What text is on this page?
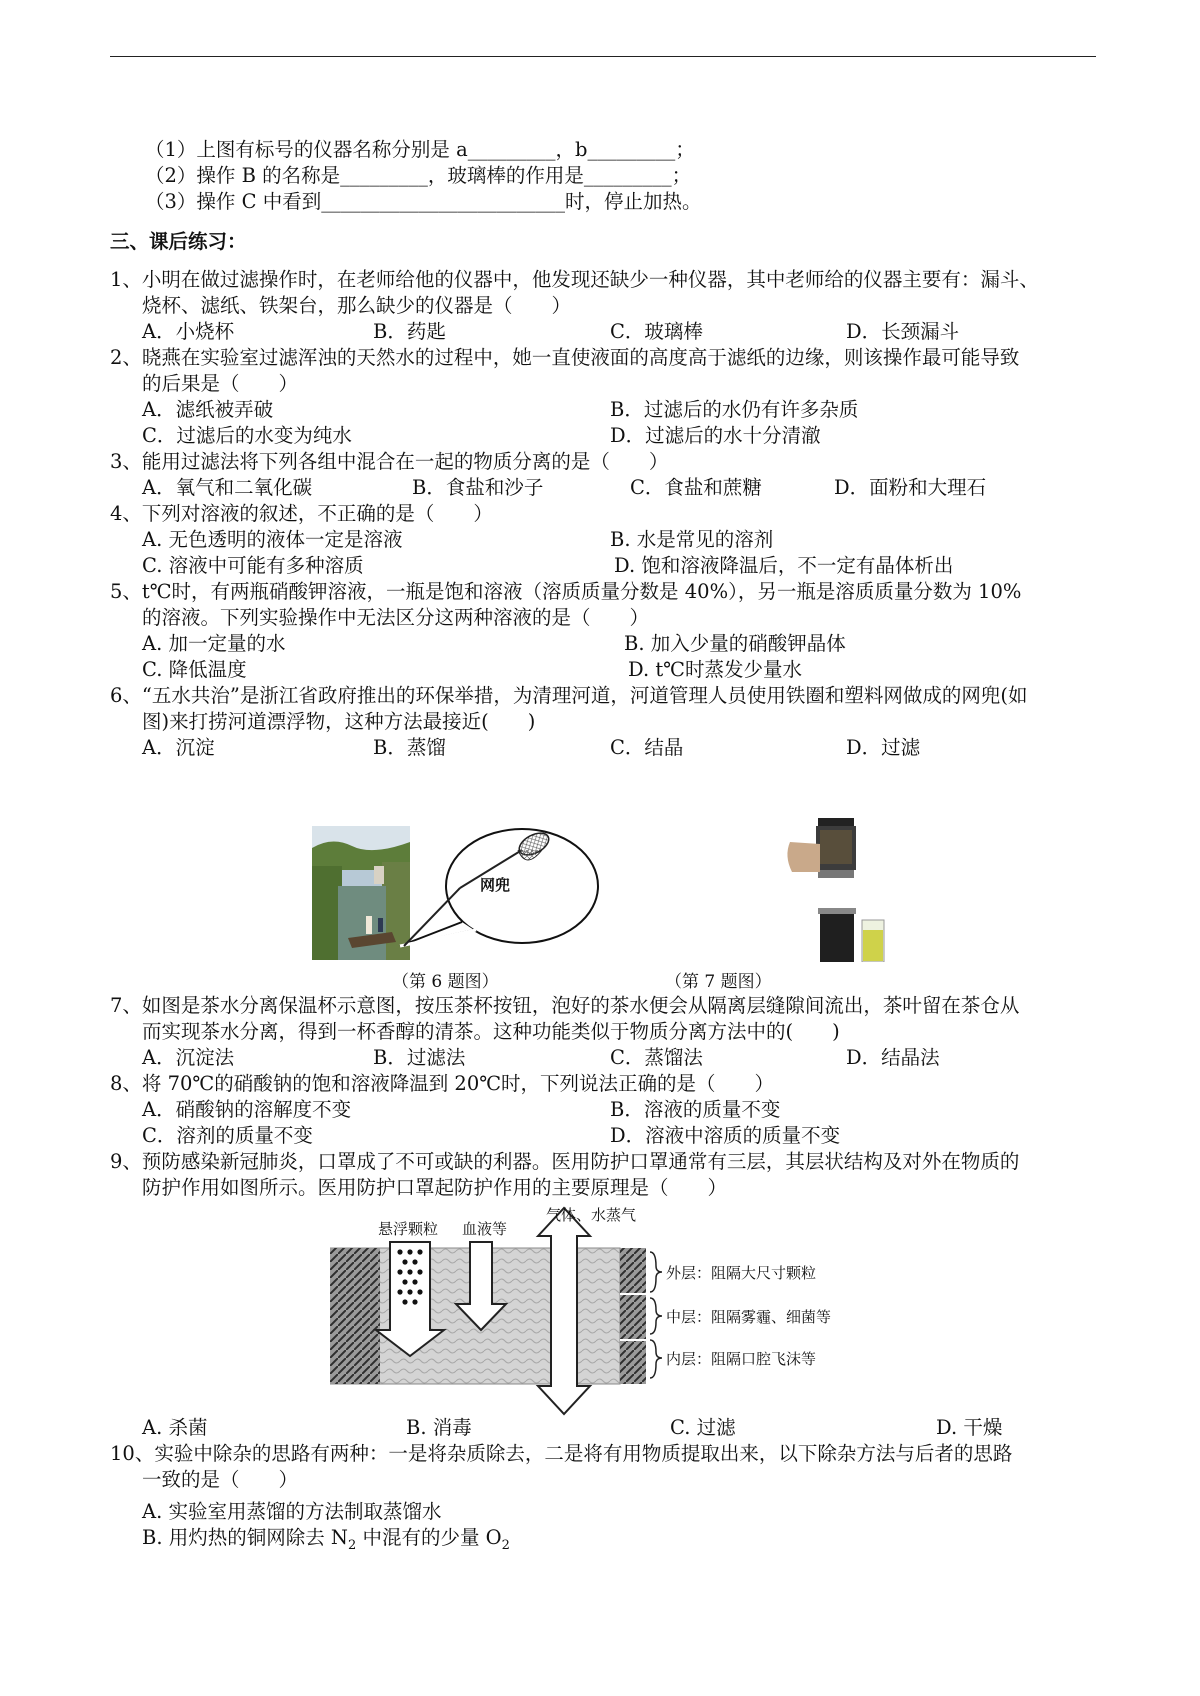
（1）上图有标号的仪器名称分别是 a_________，b_________；
（2）操作 B 的名称是_________，玻璃棒的作用是_________；
（3）操作 C 中看到_________________________时，停止加热。
三、课后练习：
1、小明在做过滤操作时，在老师给他的仪器中，他发现还缺少一种仪器，其中老师给的仪器主要有：漏斗、
烧杯、滤纸、铁架台，那么缺少的仪器是（　　）
A．小烧杯	B．药匙	C．玻璃棒	D．长颈漏斗
2、晓燕在实验室过滤浑浊的天然水的过程中，她一直使液面的高度高于滤纸的边缘，则该操作最可能导致
的后果是（　　）
A．滤纸被弄破	B．过滤后的水仍有许多杂质
C．过滤后的水变为纯水	D．过滤后的水十分清澈
3、能用过滤法将下列各组中混合在一起的物质分离的是（　　）
A．氧气和二氧化碳	B．食盐和沙子	C．食盐和蔗糖	D．面粉和大理石
4、下列对溶液的叙述，不正确的是（　　）
A. 无色透明的液体一定是溶液	B. 水是常见的溶剂
C. 溶液中可能有多种溶质	D. 饱和溶液降温后，不一定有晶体析出
5、t℃时，有两瓶硝酸钾溶液，一瓶是饱和溶液（溶质质量分数是 40%），另一瓶是溶质质量分数为 10%
的溶液。下列实验操作中无法区分这两种溶液的是（　　）
A. 加一定量的水	B. 加入少量的硝酸钾晶体
C. 降低温度	D. t℃时蒸发少量水
6、“五水共治”是浙江省政府推出的环保举措，为清理河道，河道管理人员使用铁圈和塑料网做成的网兜(如
图)来打捞河道漂浮物，这种方法最接近(　　)
A．沉淀	B．蒸馏	C．结晶	D．过滤
网兜
（第 6 题图）	（第 7 题图）
7、如图是茶水分离保温杯示意图，按压茶杯按钮，泡好的茶水便会从隔离层缝隙间流出，茶叶留在茶仓从
而实现茶水分离，得到一杯香醇的清茶。这种功能类似于物质分离方法中的(　　)
A．沉淀法	B．过滤法	C．蒸馏法	D．结晶法
8、将 70℃的硝酸钠的饱和溶液降温到 20℃时，下列说法正确的是（　　）
A．硝酸钠的溶解度不变	B．溶液的质量不变
C．溶剂的质量不变	D．溶液中溶质的质量不变
9、预防感染新冠肺炎，口罩成了不可或缺的利器。医用防护口罩通常有三层，其层状结构及对外在物质的
防护作用如图所示。医用防护口罩起防护作用的主要原理是（　　）
悬浮颗粒 血液等
气体、水蒸气
外层：阻隔大尺寸颗粒
中层：阻隔雾霾、细菌等
内层：阻隔口腔飞沫等
A. 杀菌	B. 消毒	C. 过滤	D. 干燥
10、实验中除杂的思路有两种：一是将杂质除去，二是将有用物质提取出来，以下除杂方法与后者的思路
一致的是（　　）
A. 实验室用蒸馏的方法制取蒸馏水
B. 用灼热的铜网除去 $N_2$ 中混有的少量 $O_2$
